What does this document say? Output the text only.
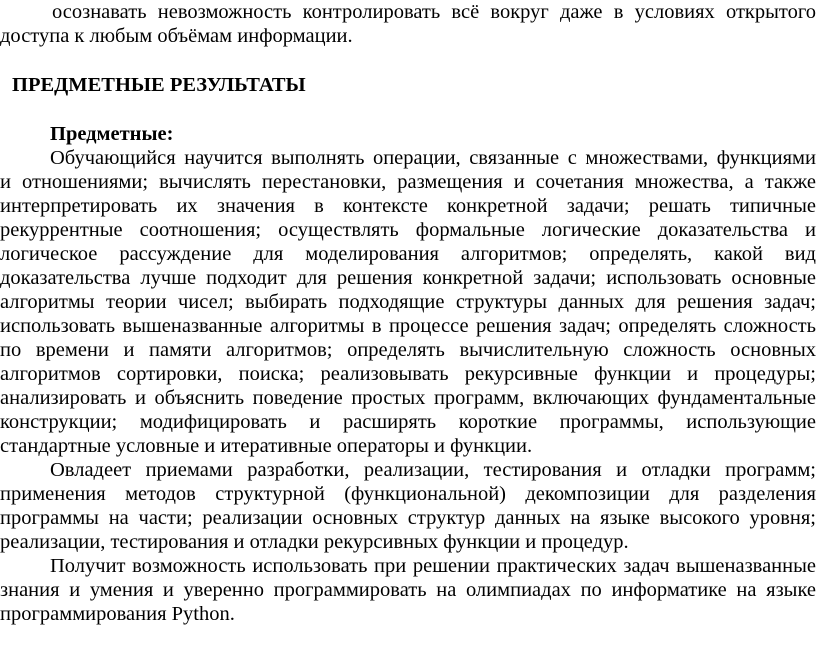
осознавать невозможность контролировать всё вокруг даже в условиях открытого
доступа к любым объёмам информации.
ПРЕДМЕТНЫЕ РЕЗУЛЬТАТЫ
Предметные:
Обучающийся научится выполнять операции, связанные с множествами, функциями
и отношениями; вычислять перестановки, размещения и сочетания множества, а также
интерпретировать их значения в контексте конкретной задачи; решать типичные
рекуррентные соотношения; осуществлять формальные логические доказательства и
логическое рассуждение для моделирования алгоритмов; определять, какой вид
доказательства лучше подходит для решения конкретной задачи; использовать основные
алгоритмы теории чисел; выбирать подходящие структуры данных для решения задач;
использовать вышеназванные алгоритмы в процессе решения задач; определять сложность
по времени и памяти алгоритмов; определять вычислительную сложность основных
алгоритмов сортировки, поиска; реализовывать рекурсивные функции и процедуры;
анализировать и объяснить поведение простых программ, включающих фундаментальные
конструкции; модифицировать и расширять короткие программы, использующие
стандартные условные и итеративные операторы и функции.
Овладеет приемами разработки, реализации, тестирования и отладки программ;
применения методов структурной (функциональной) декомпозиции для разделения
программы на части; реализации основных структур данных на языке высокого уровня;
реализации, тестирования и отладки рекурсивных функции и процедур.
Получит возможность использовать при решении практических задач вышеназванные
знания и умения и уверенно программировать на олимпиадах по информатике на языке
программирования Python.
